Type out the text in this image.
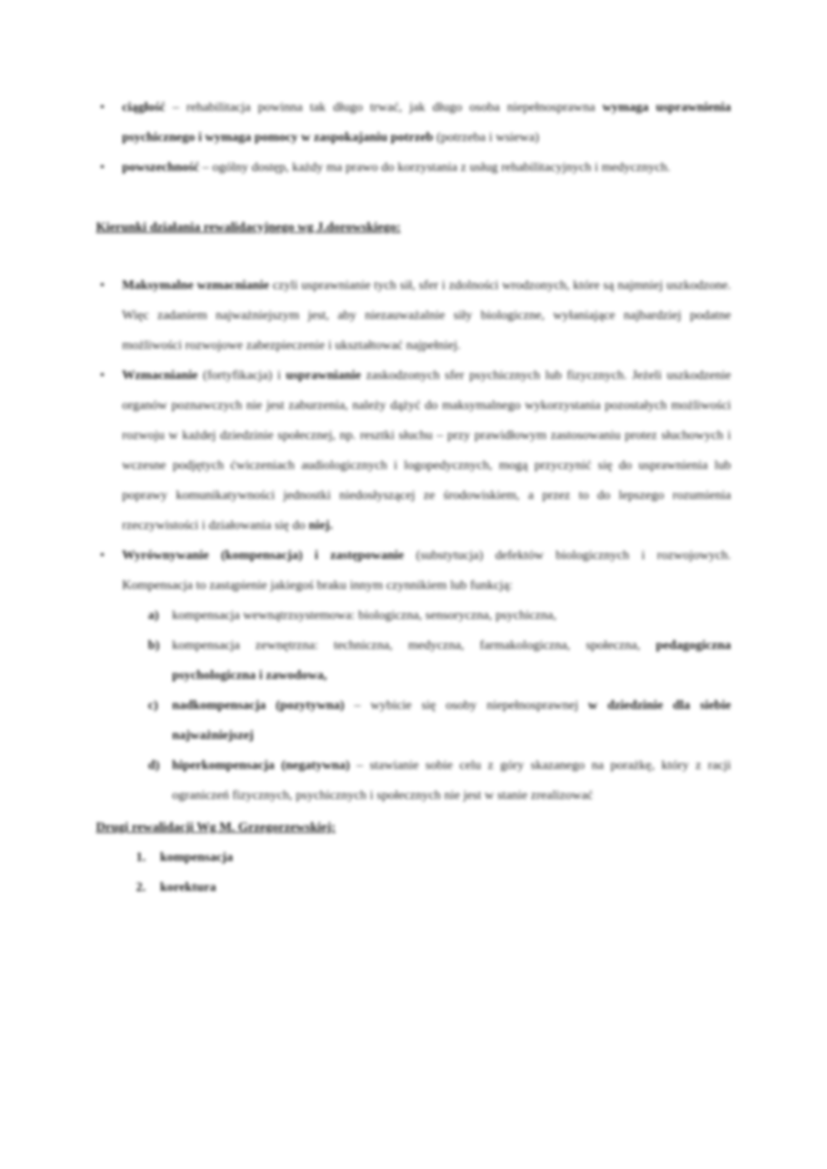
• ciągłość – rehabilitacja powinna tak długo trwać, jak długo osoba niepełnosprawna wymaga usprawnienia psychicznego i wymaga pomocy w zaspokajaniu potrzeb (potrzeba i wsiewa)
• powszechność – ogólny dostęp, każdy ma prawo do korzystania z usług rehabilitacyjnych i medycznych.
Kierunki działania rewalidacyjnego wg J.dorowskiego:
• Maksymalne wzmacnianie czyli usprawnianie tych sił, sfer i zdolności wrodzonych, które są najmniej uszkodzone. Więc zadaniem najważniejszym jest, aby niezauważalnie siły biologiczne, wyłaniające najbardziej podatne możliwości rozwojowe zabezpieczenie i ukształtować najpełniej.
• Wzmacnianie (fortyfikacja) i usprawnianie zaskodzonych sfer psychicznych lub fizycznych. Jeżeli uszkodzenie organów poznawczych nie jest zaburzenia, należy dążyć do maksymalnego wykorzystania pozostałych możliwości rozwoju w każdej dziedzinie społecznej, np. resztki słuchu – przy prawidłowym zastosowaniu protez słuchowych i wczesne podjętych ćwiczeniach audiologicznych i logopedycznych, mogą przyczynić się do usprawnienia lub poprawy komunikatywności jednostki niedosłyszącej ze środowiskiem, a przez to do lepszego rozumienia rzeczywistości i działowania się do niej.
• Wyrównywanie (kompensacja) i zastępowanie (substytucja) defektów biologicznych i rozwojowych. Kompensacja to zastąpienie jakiegoś braku innym czynnikiem lub funkcją:
a) kompensacja wewnątrzsystemowa: biologiczna, sensoryczna, psychiczna,
b) kompensacja zewnętrzna: techniczna, medyczna, farmakologiczna, społeczna, pedagogiczna psychologiczna i zawodowa,
c) nadkompensacja (pozytywna) – wybicie się osoby niepełnosprawnej w dziedzinie dla siebie najważniejszej
d) hiperkompensacja (negatywna) – stawianie sobie celu z góry skazanego na porażkę, który z racji ograniczeń fizycznych, psychicznych i społecznych nie jest w stanie zrealizować
Drugi rewalidacji Wg M. Grzegorzewskiej:
1. kompensacja
2. korektura
